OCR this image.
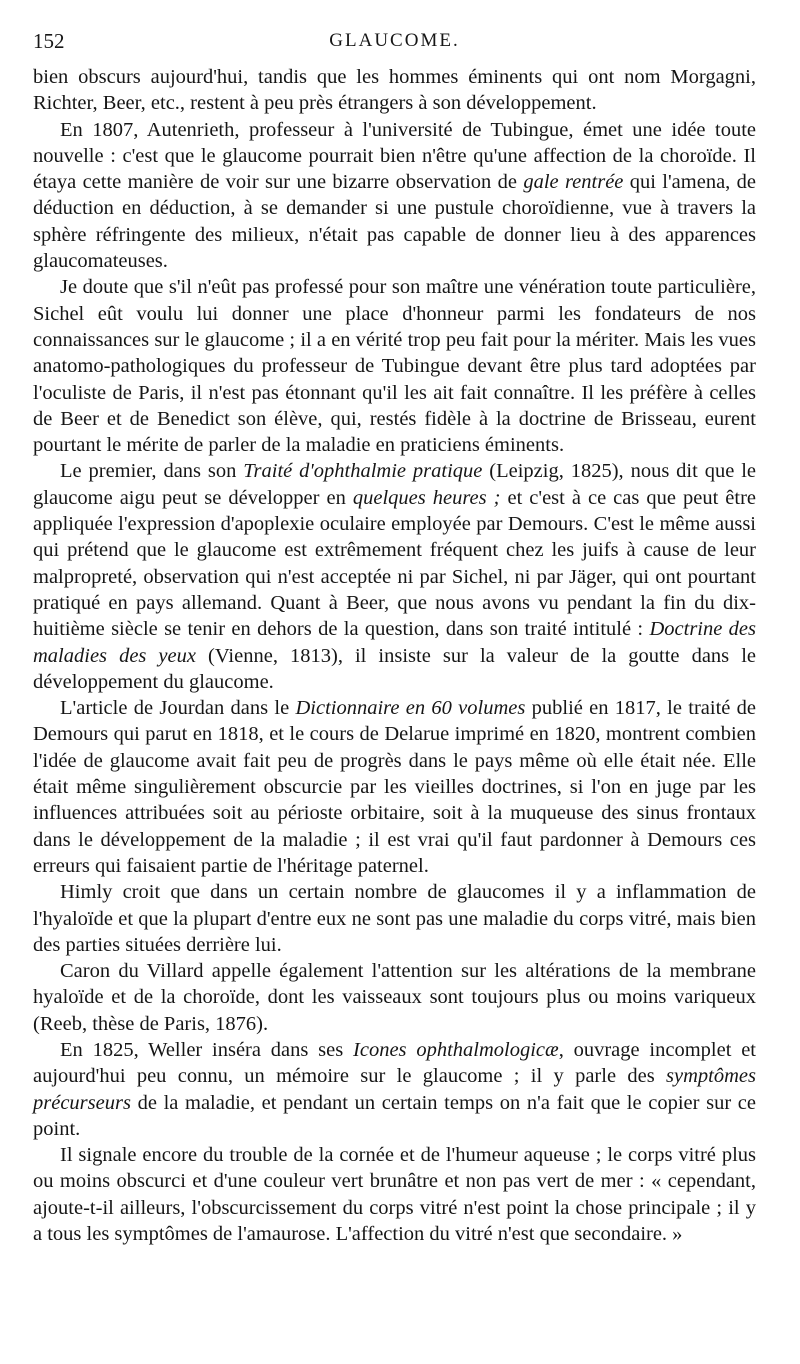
152	GLAUCOME.

bien obscurs aujourd'hui, tandis que les hommes éminents qui ont nom Morgagni, Richter, Beer, etc., restent à peu près étrangers à son développement.

En 1807, Autenrieth, professeur à l'université de Tubingue, émet une idée toute nouvelle : c'est que le glaucome pourrait bien n'être qu'une affection de la choroïde. Il étaya cette manière de voir sur une bizarre observation de gale rentrée qui l'amena, de déduction en déduction, à se demander si une pustule choroïdienne, vue à travers la sphère réfringente des milieux, n'était pas capable de donner lieu à des apparences glaucomateuses.

Je doute que s'il n'eût pas professé pour son maître une vénération toute particulière, Sichel eût voulu lui donner une place d'honneur parmi les fondateurs de nos connaissances sur le glaucome ; il a en vérité trop peu fait pour la mériter. Mais les vues anatomo-pathologiques du professeur de Tubingue devant être plus tard adoptées par l'oculiste de Paris, il n'est pas étonnant qu'il les ait fait connaître. Il les préfère à celles de Beer et de Benedict son élève, qui, restés fidèle à la doctrine de Brisseau, eurent pourtant le mérite de parler de la maladie en praticiens éminents.

Le premier, dans son Traité d'ophthalmie pratique (Leipzig, 1825), nous dit que le glaucome aigu peut se développer en quelques heures ; et c'est à ce cas que peut être appliquée l'expression d'apoplexie oculaire employée par Demours. C'est le même aussi qui prétend que le glaucome est extrêmement fréquent chez les juifs à cause de leur malpropreté, observation qui n'est acceptée ni par Sichel, ni par Jäger, qui ont pourtant pratiqué en pays allemand. Quant à Beer, que nous avons vu pendant la fin du dix-huitième siècle se tenir en dehors de la question, dans son traité intitulé : Doctrine des maladies des yeux (Vienne, 1813), il insiste sur la valeur de la goutte dans le développement du glaucome.

L'article de Jourdan dans le Dictionnaire en 60 volumes publié en 1817, le traité de Demours qui parut en 1818, et le cours de Delarue imprimé en 1820, montrent combien l'idée de glaucome avait fait peu de progrès dans le pays même où elle était née. Elle était même singulièrement obscurcie par les vieilles doctrines, si l'on en juge par les influences attribuées soit au périoste orbitaire, soit à la muqueuse des sinus frontaux dans le développement de la maladie ; il est vrai qu'il faut pardonner à Demours ces erreurs qui faisaient partie de l'héritage paternel.

Himly croit que dans un certain nombre de glaucomes il y a inflammation de l'hyaloïde et que la plupart d'entre eux ne sont pas une maladie du corps vitré, mais bien des parties situées derrière lui.

Caron du Villard appelle également l'attention sur les altérations de la membrane hyaloïde et de la choroïde, dont les vaisseaux sont toujours plus ou moins variqueux (Reeb, thèse de Paris, 1876).

En 1825, Weller inséra dans ses Icones ophthalmologicæ, ouvrage incomplet et aujourd'hui peu connu, un mémoire sur le glaucome ; il y parle des symptômes précurseurs de la maladie, et pendant un certain temps on n'a fait que le copier sur ce point.

Il signale encore du trouble de la cornée et de l'humeur aqueuse ; le corps vitré plus ou moins obscurci et d'une couleur vert brunâtre et non pas vert de mer : « cependant, ajoute-t-il ailleurs, l'obscurcissement du corps vitré n'est point la chose principale ; il y a tous les symptômes de l'amaurose. L'affection du vitré n'est que secondaire. »
